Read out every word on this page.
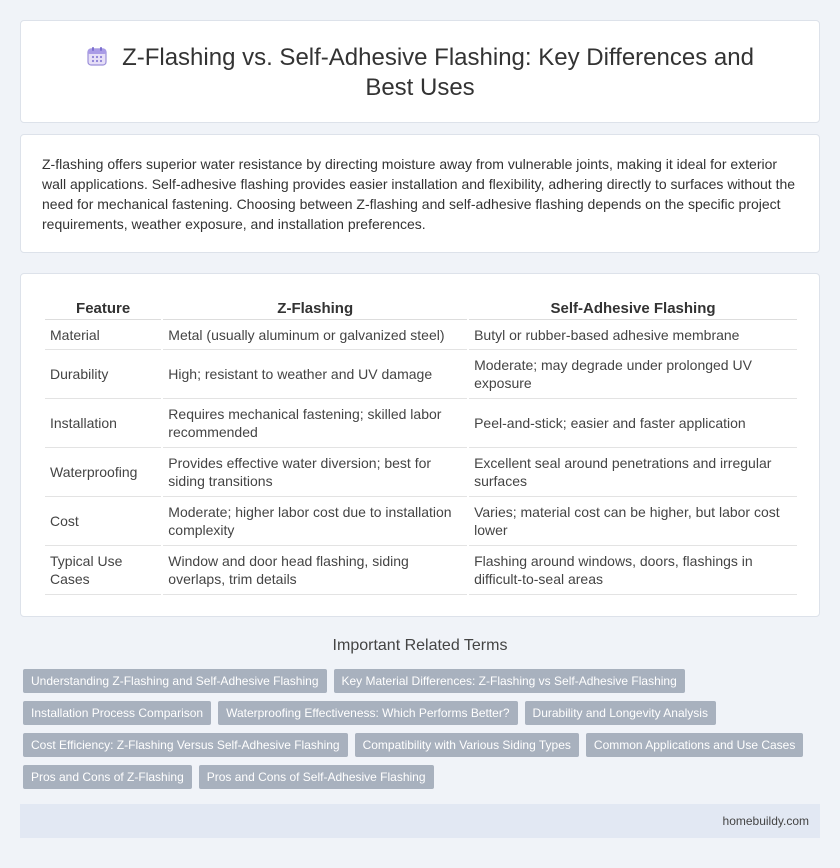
Z-Flashing vs. Self-Adhesive Flashing: Key Differences and Best Uses

Z-flashing offers superior water resistance by directing moisture away from vulnerable joints, making it ideal for exterior wall applications. Self-adhesive flashing provides easier installation and flexibility, adhering directly to surfaces without the need for mechanical fastening. Choosing between Z-flashing and self-adhesive flashing depends on the specific project requirements, weather exposure, and installation preferences.

Feature	Z-Flashing	Self-Adhesive Flashing
Material	Metal (usually aluminum or galvanized steel)	Butyl or rubber-based adhesive membrane
Durability	High; resistant to weather and UV damage	Moderate; may degrade under prolonged UV exposure
Installation	Requires mechanical fastening; skilled labor recommended	Peel-and-stick; easier and faster application
Waterproofing	Provides effective water diversion; best for siding transitions	Excellent seal around penetrations and irregular surfaces
Cost	Moderate; higher labor cost due to installation complexity	Varies; material cost can be higher, but labor cost lower
Typical Use Cases	Window and door head flashing, siding overlaps, trim details	Flashing around windows, doors, flashings in difficult-to-seal areas
Important Related Terms
Understanding Z-Flashing and Self-Adhesive Flashing	Key Material Differences: Z-Flashing vs Self-Adhesive Flashing
Installation Process Comparison	Waterproofing Effectiveness: Which Performs Better?	Durability and Longevity Analysis
Cost Efficiency: Z-Flashing Versus Self-Adhesive Flashing	Compatibility with Various Siding Types	Common Applications and Use Cases
Pros and Cons of Z-Flashing	Pros and Cons of Self-Adhesive Flashing
homebuildy.com
